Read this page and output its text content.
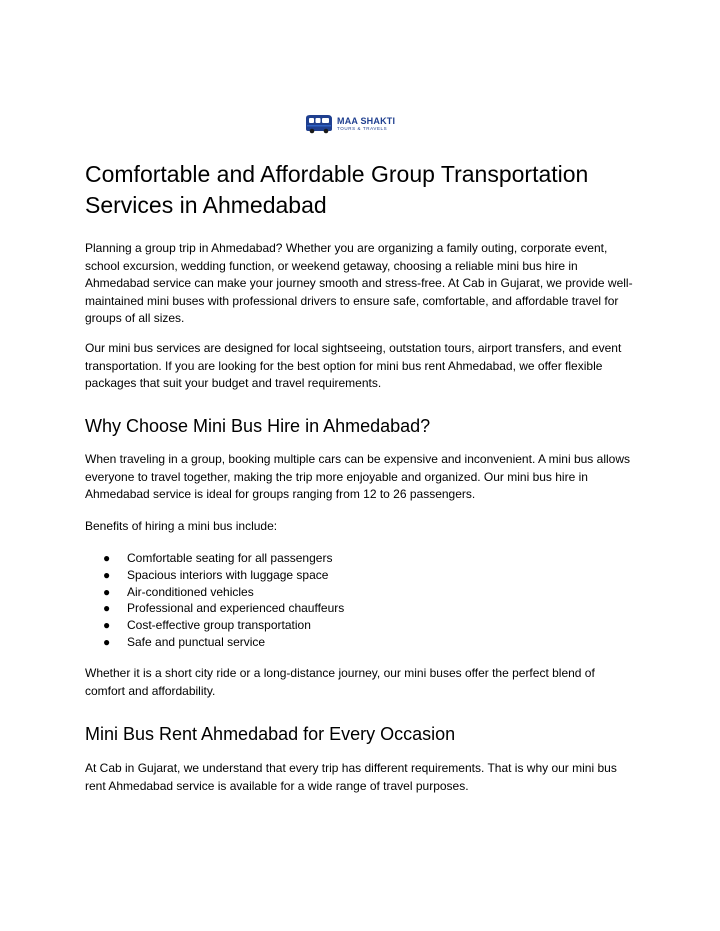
MAA SHAKTI
TOURS & TRAVELS
Comfortable and Affordable Group Transportation Services in Ahmedabad

Planning a group trip in Ahmedabad? Whether you are organizing a family outing, corporate event, school excursion, wedding function, or weekend getaway, choosing a reliable mini bus hire in Ahmedabad service can make your journey smooth and stress-free. At Cab in Gujarat, we provide well-maintained mini buses with professional drivers to ensure safe, comfortable, and affordable travel for groups of all sizes.

Our mini bus services are designed for local sightseeing, outstation tours, airport transfers, and event transportation. If you are looking for the best option for mini bus rent Ahmedabad, we offer flexible packages that suit your budget and travel requirements.

Why Choose Mini Bus Hire in Ahmedabad?

When traveling in a group, booking multiple cars can be expensive and inconvenient. A mini bus allows everyone to travel together, making the trip more enjoyable and organized. Our mini bus hire in Ahmedabad service is ideal for groups ranging from 12 to 26 passengers.

Benefits of hiring a mini bus include:

● Comfortable seating for all passengers
● Spacious interiors with luggage space
● Air-conditioned vehicles
● Professional and experienced chauffeurs
● Cost-effective group transportation
● Safe and punctual service

Whether it is a short city ride or a long-distance journey, our mini buses offer the perfect blend of comfort and affordability.

Mini Bus Rent Ahmedabad for Every Occasion

At Cab in Gujarat, we understand that every trip has different requirements. That is why our mini bus rent Ahmedabad service is available for a wide range of travel purposes.
